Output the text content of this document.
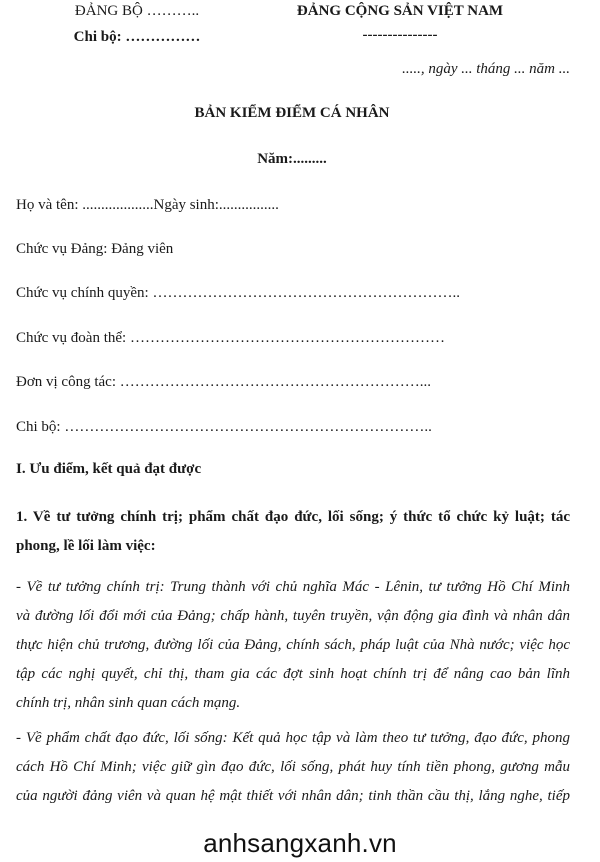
ĐẢNG BỘ ………..
Chi bộ: ……………
ĐẢNG CỘNG SẢN VIỆT NAM
---------------
....., ngày ... tháng ... năm ...
BẢN KIỂM ĐIỂM CÁ NHÂN
Năm:.........
Họ và tên: ...................Ngày sinh:................
Chức vụ Đảng: Đảng viên
Chức vụ chính quyền: ……………………………………………………..
Chức vụ đoàn thể: ………………………………………………………
Đơn vị công tác: ……………………………………………………...
Chi bộ: ………………………………………………………………..
I. Ưu điểm, kết quả đạt được
1. Về tư tưởng chính trị; phẩm chất đạo đức, lối sống; ý thức tổ chức kỷ luật; tác
phong, lề lối làm việc:
- Về tư tưởng chính trị: Trung thành với chủ nghĩa Mác - Lênin, tư tưởng Hồ Chí Minh
và đường lối đổi mới của Đảng; chấp hành, tuyên truyền, vận động gia đình và nhân dân
thực hiện chủ trương, đường lối của Đảng, chính sách, pháp luật của Nhà nước; việc học
tập các nghị quyết, chỉ thị, tham gia các đợt sinh hoạt chính trị để nâng cao bản lĩnh
chính trị, nhân sinh quan cách mạng.
- Về phẩm chất đạo đức, lối sống: Kết quả học tập và làm theo tư tưởng, đạo đức, phong
cách Hồ Chí Minh; việc giữ gìn đạo đức, lối sống, phát huy tính tiền phong, gương mẫu
của người đảng viên và quan hệ mật thiết với nhân dân; tinh thần cầu thị, lắng nghe, tiếp
anhsangxanh.vn
